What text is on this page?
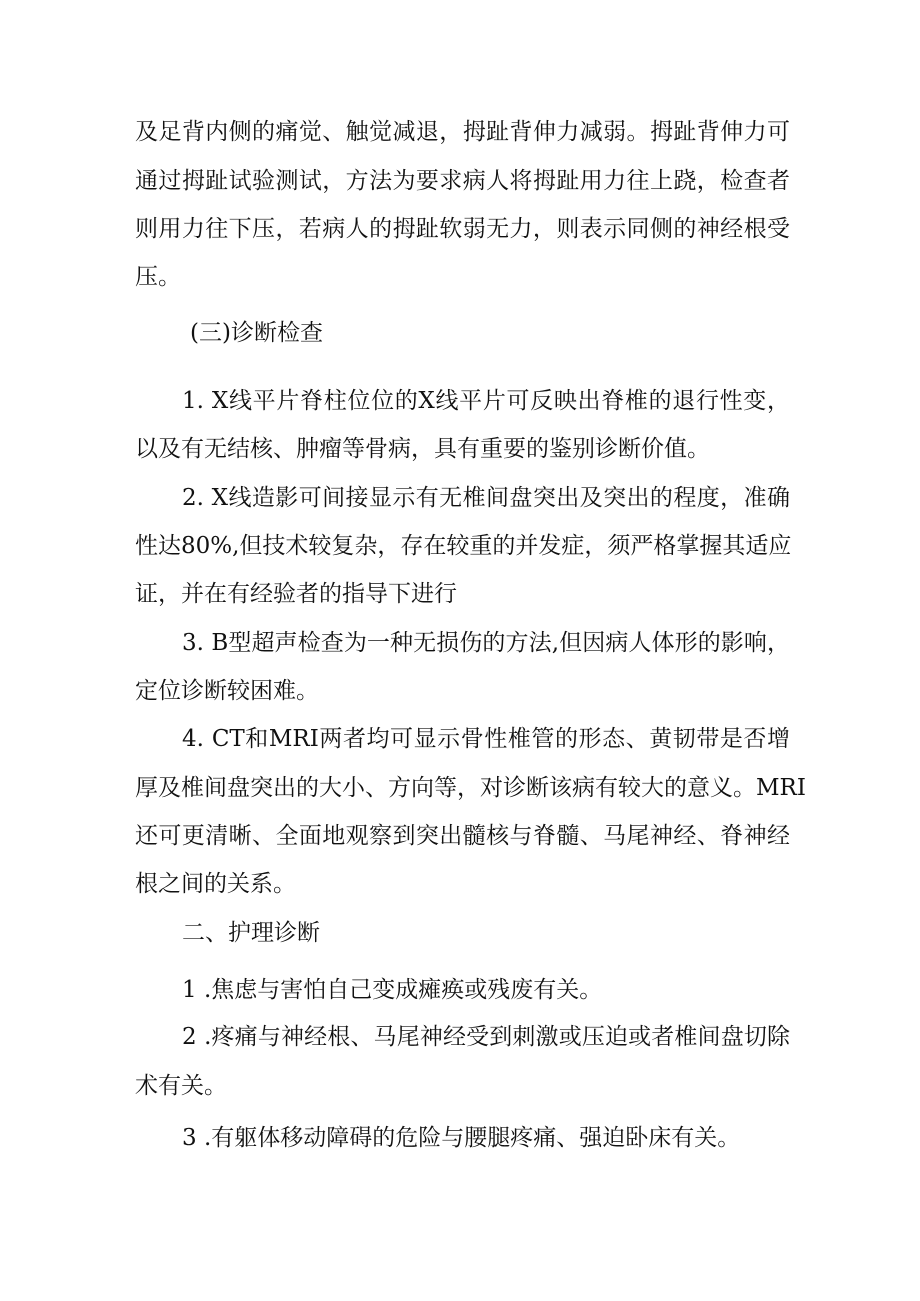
及足背内侧的痛觉、触觉减退，拇趾背伸力减弱。拇趾背伸力可
通过拇趾试验测试，方法为要求病人将拇趾用力往上跷，检查者
则用力往下压，若病人的拇趾软弱无力，则表示同侧的神经根受
压。
(三)诊断检查
1. X线平片脊柱位位的X线平片可反映出脊椎的退行性变，
以及有无结核、肿瘤等骨病，具有重要的鉴别诊断价值。
2. X线造影可间接显示有无椎间盘突出及突出的程度，准确
性达80%,但技术较复杂，存在较重的并发症，须严格掌握其适应
证，并在有经验者的指导下进行
3. B型超声检查为一种无损伤的方法,但因病人体形的影响，
定位诊断较困难。
4. CT和MRI两者均可显示骨性椎管的形态、黄韧带是否增
厚及椎间盘突出的大小、方向等，对诊断该病有较大的意义。MRI
还可更清晰、全面地观察到突出髓核与脊髓、马尾神经、脊神经
根之间的关系。
二、护理诊断
1 .焦虑与害怕自己变成瘫痪或残废有关。
2 .疼痛与神经根、马尾神经受到刺激或压迫或者椎间盘切除
术有关。
3 .有躯体移动障碍的危险与腰腿疼痛、强迫卧床有关。
